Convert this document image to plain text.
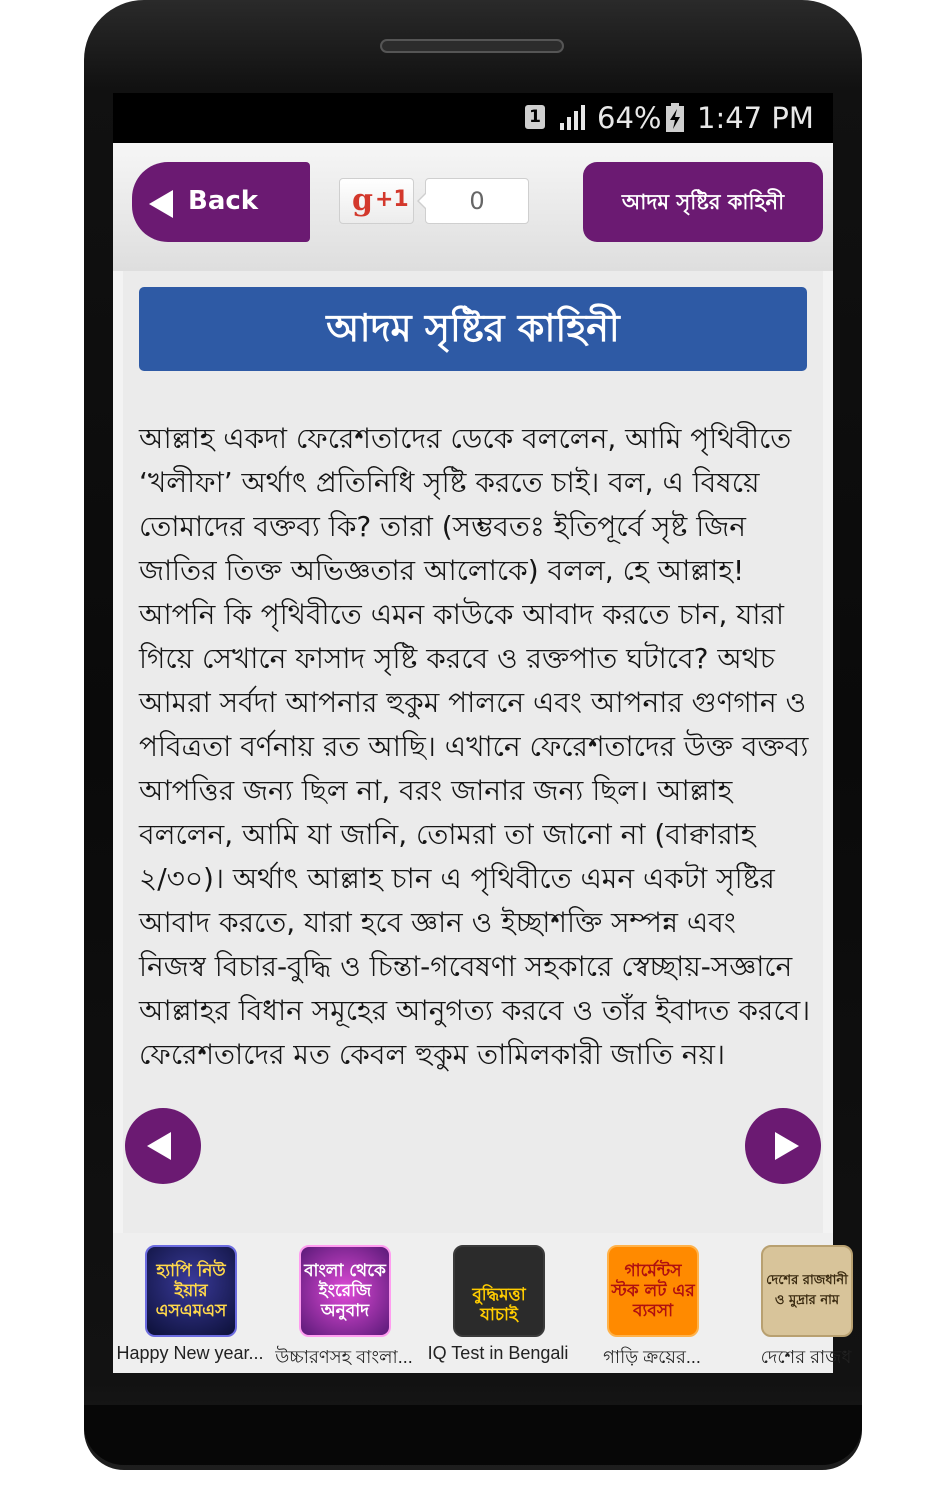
1 64% 1:47 PM
Back	g +1	0	আদম সৃষ্টির কাহিনী
আদম সৃষ্টির কাহিনী

আল্লাহ একদা ফেরেশতাদের ডেকে বললেন, আমি পৃথিবীতে ‘খলীফা’ অর্থাৎ প্রতিনিধি সৃষ্টি করতে চাই। বল, এ বিষয়ে তোমাদের বক্তব্য কি? তারা (সম্ভবতঃ ইতিপূর্বে সৃষ্ট জিন জাতির তিক্ত অভিজ্ঞতার আলোকে) বলল, হে আল্লাহ! আপনি কি পৃথিবীতে এমন কাউকে আবাদ করতে চান, যারা গিয়ে সেখানে ফাসাদ সৃষ্টি করবে ও রক্তপাত ঘটাবে? অথচ আমরা সর্বদা আপনার হুকুম পালনে এবং আপনার গুণগান ও পবিত্রতা বর্ণনায় রত আছি। এখানে ফেরেশতাদের উক্ত বক্তব্য আপত্তির জন্য ছিল না, বরং জানার জন্য ছিল। আল্লাহ বললেন, আমি যা জানি, তোমরা তা জানো না (বাক্বারাহ ২/৩০)। অর্থাৎ আল্লাহ চান এ পৃথিবীতে এমন একটা সৃষ্টির আবাদ করতে, যারা হবে জ্ঞান ও ইচ্ছাশক্তি সম্পন্ন এবং নিজস্ব বিচার-বুদ্ধি ও চিন্তা-গবেষণা সহকারে স্বেচ্ছায়-সজ্ঞানে আল্লাহর বিধান সমূহের আনুগত্য করবে ও তাঁর ইবাদত করবে। ফেরেশতাদের মত কেবল হুকুম তামিলকারী জাতি নয়।

হ্যাপি নিউ ইয়ার এসএমএস
Happy New year...
বাংলা থেকে ইংরেজি অনুবাদ
উচ্চারণসহ বাংলা...
বুদ্ধিমত্তা যাচাই
IQ Test in Bengali
গার্মেন্টস স্টক লট এর ব্যবসা
গাড়ি ক্রয়ের...
দেশের রাজধানী ও মুদ্রার নাম
দেশের রাজধ
